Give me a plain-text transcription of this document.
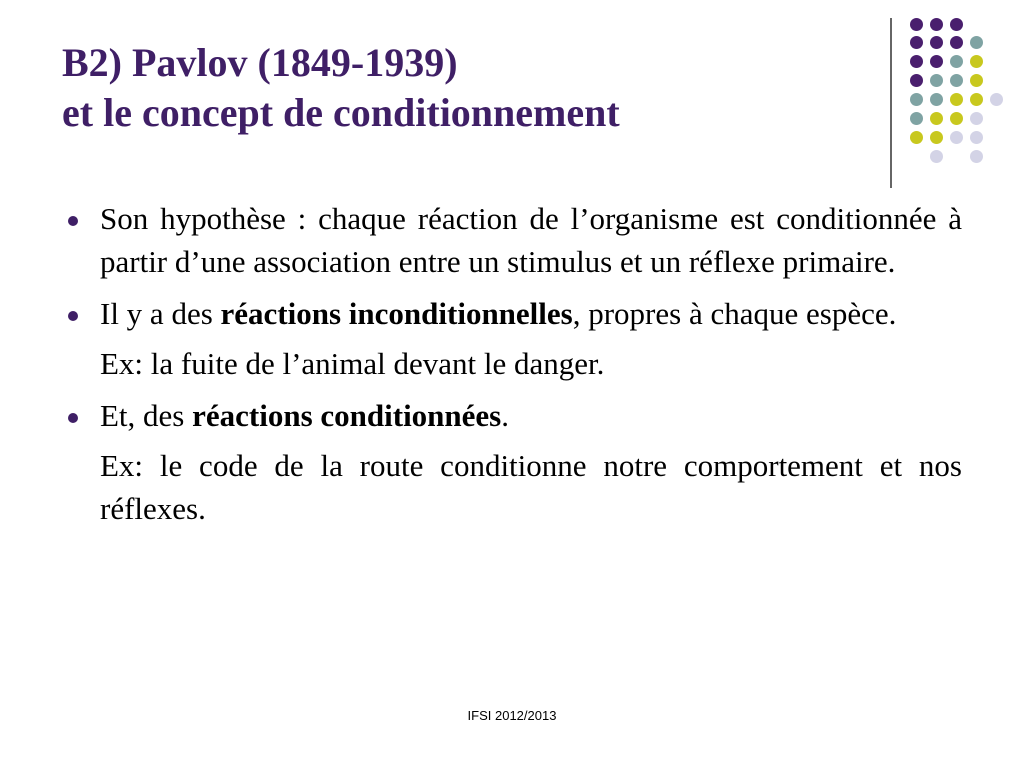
B2) Pavlov (1849-1939)
et le concept de conditionnement
Son hypothèse : chaque réaction de l’organisme est conditionnée à partir d’une association entre un stimulus et un réflexe primaire.
Il y a des réactions inconditionnelles, propres à chaque espèce.
Ex: la fuite de l’animal devant le danger.
Et, des réactions conditionnées.
Ex: le code de la route conditionne notre comportement et nos réflexes.
IFSI 2012/2013
